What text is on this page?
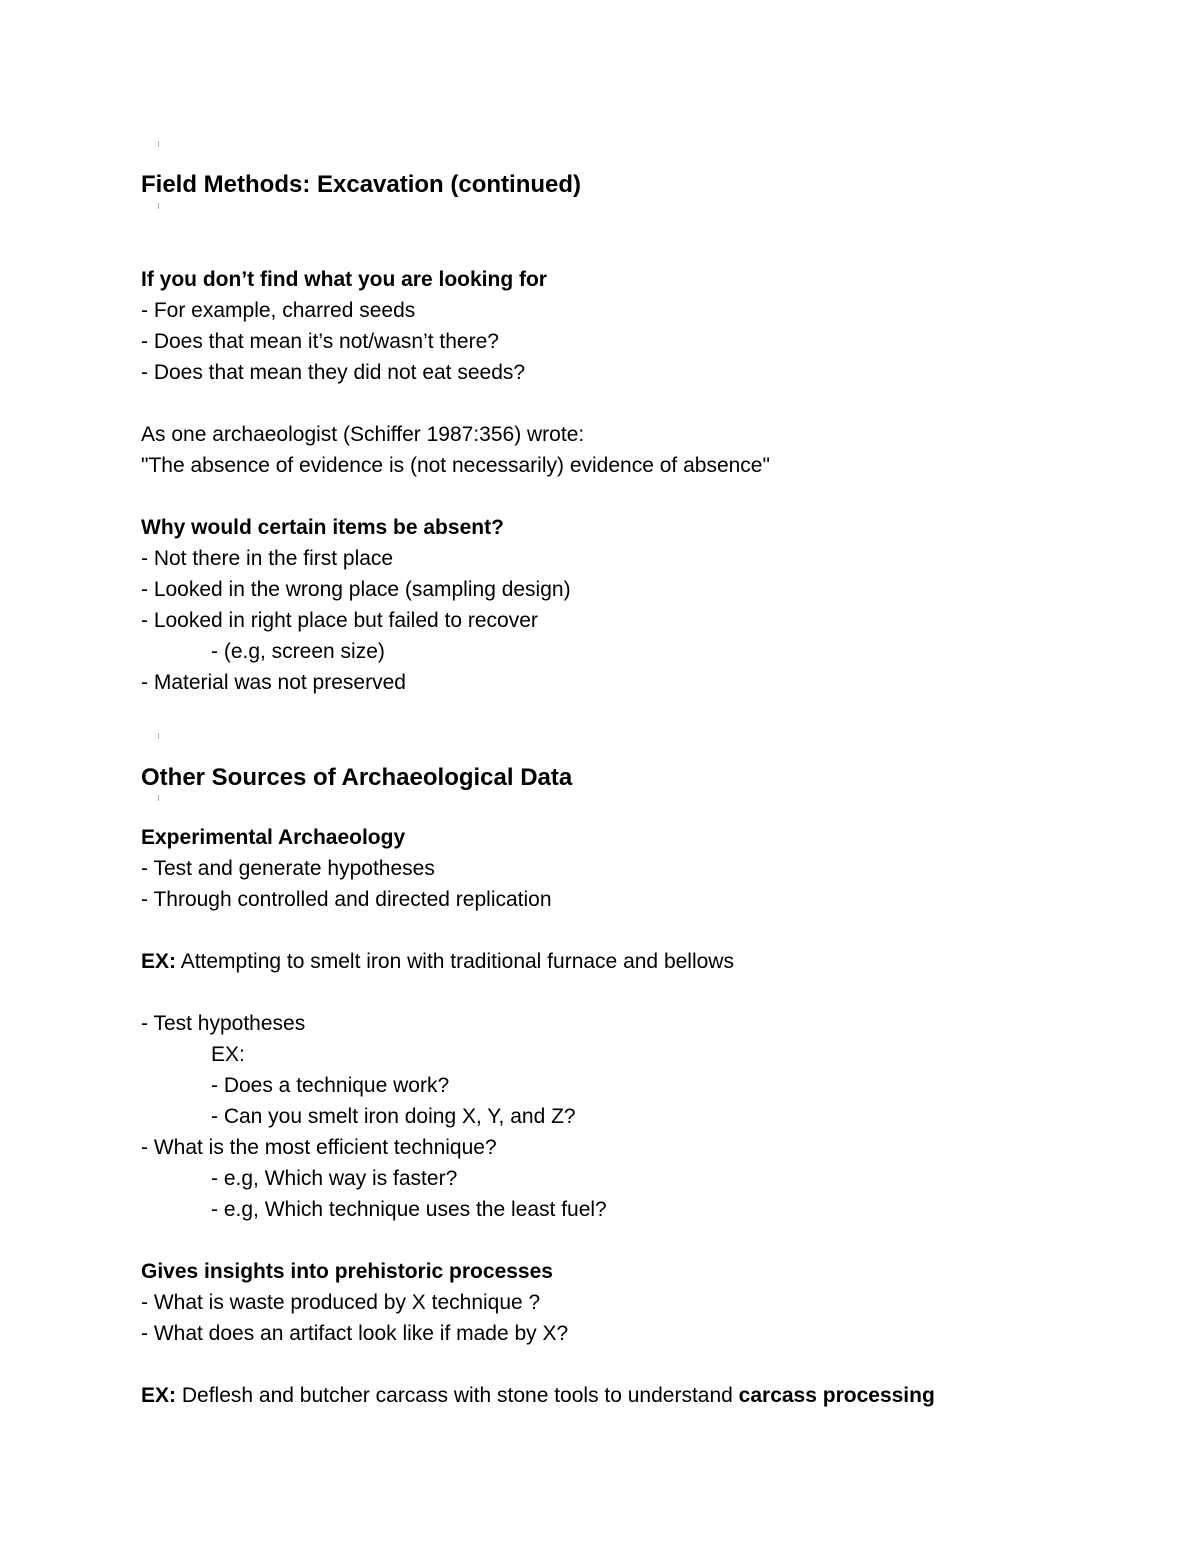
Field Methods: Excavation (continued)
If you don’t find what you are looking for
- For example, charred seeds
- Does that mean it’s not/wasn’t there?
- Does that mean they did not eat seeds?
As one archaeologist (Schiffer 1987:356) wrote:
"The absence of evidence is (not necessarily) evidence of absence"
Why would certain items be absent?
- Not there in the first place
- Looked in the wrong place (sampling design)
- Looked in right place but failed to recover
- (e.g, screen size)
- Material was not preserved
Other Sources of Archaeological Data
Experimental Archaeology
- Test and generate hypotheses
- Through controlled and directed replication
EX: Attempting to smelt iron with traditional furnace and bellows
- Test hypotheses
EX:
- Does a technique work?
- Can you smelt iron doing X, Y, and Z?
- What is the most efficient technique?
- e.g, Which way is faster?
- e.g, Which technique uses the least fuel?
Gives insights into prehistoric processes
- What is waste produced by X technique ?
- What does an artifact look like if made by X?
EX: Deflesh and butcher carcass with stone tools to understand carcass processing
